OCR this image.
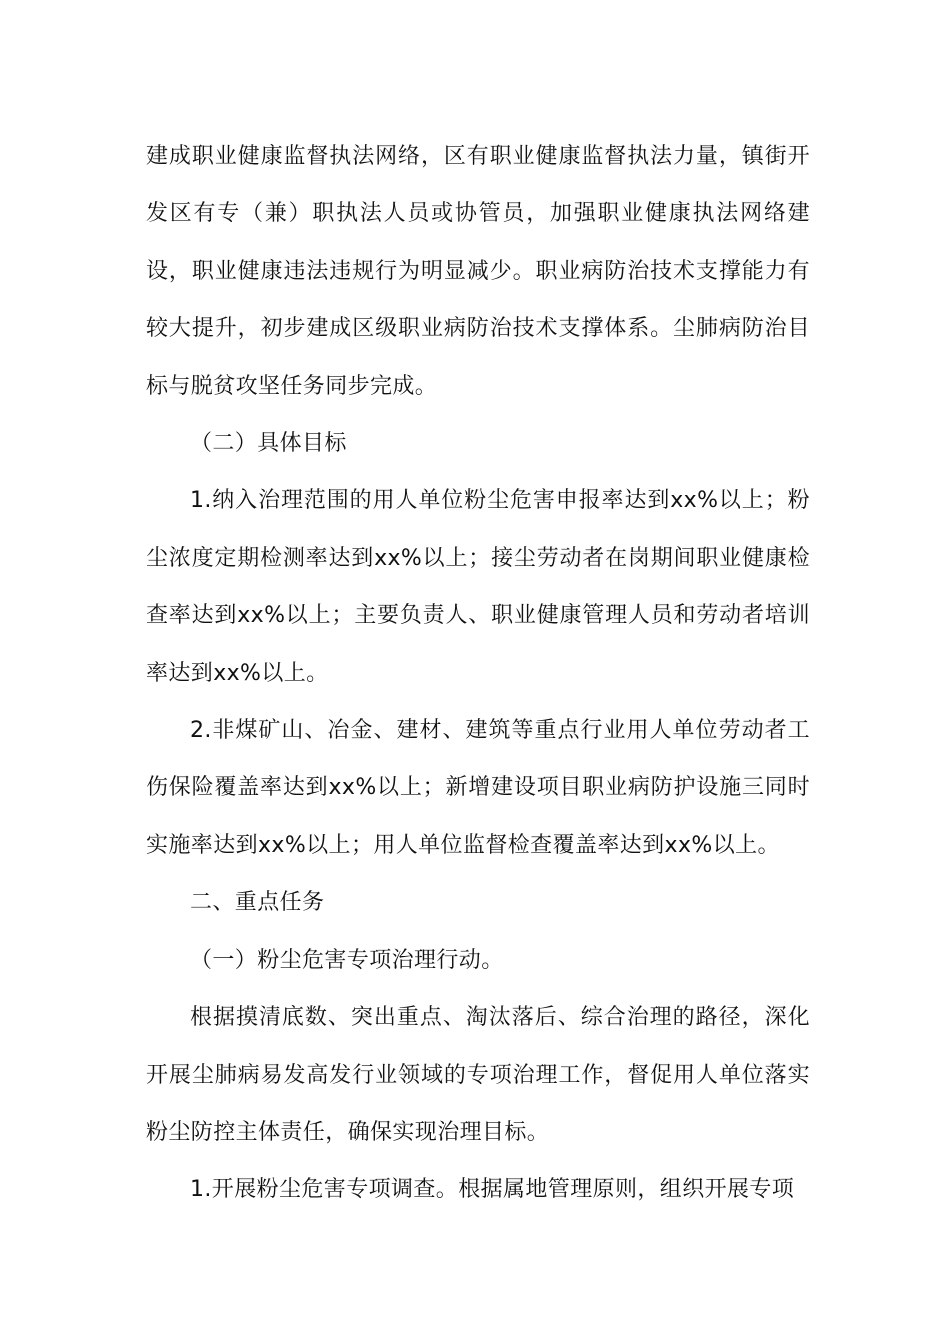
建成职业健康监督执法网络，区有职业健康监督执法力量，镇街开发区有专（兼）职执法人员或协管员，加强职业健康执法网络建设，职业健康违法违规行为明显减少。职业病防治技术支撑能力有较大提升，初步建成区级职业病防治技术支撑体系。尘肺病防治目标与脱贫攻坚任务同步完成。

（二）具体目标

1.纳入治理范围的用人单位粉尘危害申报率达到xx%以上；粉尘浓度定期检测率达到xx%以上；接尘劳动者在岗期间职业健康检查率达到xx%以上；主要负责人、职业健康管理人员和劳动者培训率达到xx%以上。

2.非煤矿山、冶金、建材、建筑等重点行业用人单位劳动者工伤保险覆盖率达到xx%以上；新增建设项目职业病防护设施三同时实施率达到xx%以上；用人单位监督检查覆盖率达到xx%以上。

二、重点任务

（一）粉尘危害专项治理行动。

根据摸清底数、突出重点、淘汰落后、综合治理的路径，深化开展尘肺病易发高发行业领域的专项治理工作，督促用人单位落实粉尘防控主体责任，确保实现治理目标。

1.开展粉尘危害专项调查。根据属地管理原则，组织开展专项
